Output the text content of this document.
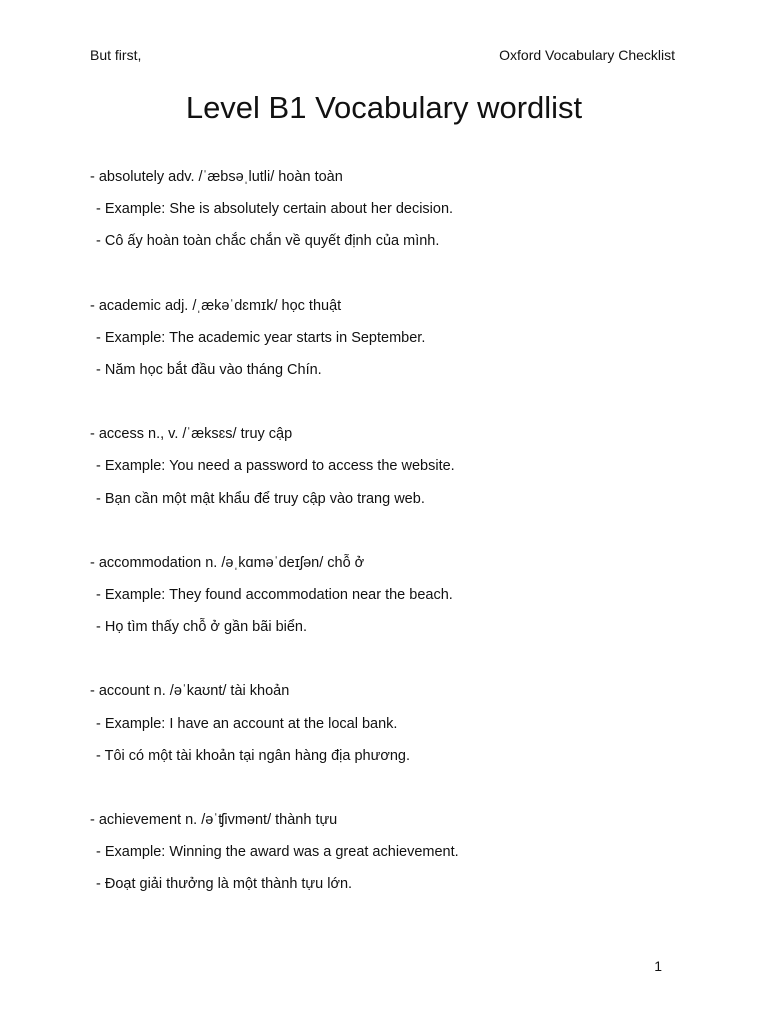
But first,	Oxford Vocabulary Checklist
Level B1 Vocabulary wordlist
- absolutely adv. /ˈæbsəˌlutli/ hoàn toàn
- Example: She is absolutely certain about her decision.
- Cô ấy hoàn toàn chắc chắn về quyết định của mình.
- academic adj. /ˌækəˈdɛmɪk/ học thuật
- Example: The academic year starts in September.
- Năm học bắt đầu vào tháng Chín.
- access n., v. /ˈæksɛs/ truy cập
- Example: You need a password to access the website.
- Bạn cần một mật khẩu để truy cập vào trang web.
- accommodation n. /əˌkɑməˈdeɪʃən/ chỗ ở
- Example: They found accommodation near the beach.
- Họ tìm thấy chỗ ở gần bãi biển.
- account n. /əˈkaʊnt/ tài khoản
- Example: I have an account at the local bank.
- Tôi có một tài khoản tại ngân hàng địa phương.
- achievement n. /əˈʧivmənt/ thành tựu
- Example: Winning the award was a great achievement.
- Đoạt giải thưởng là một thành tựu lớn.
1
